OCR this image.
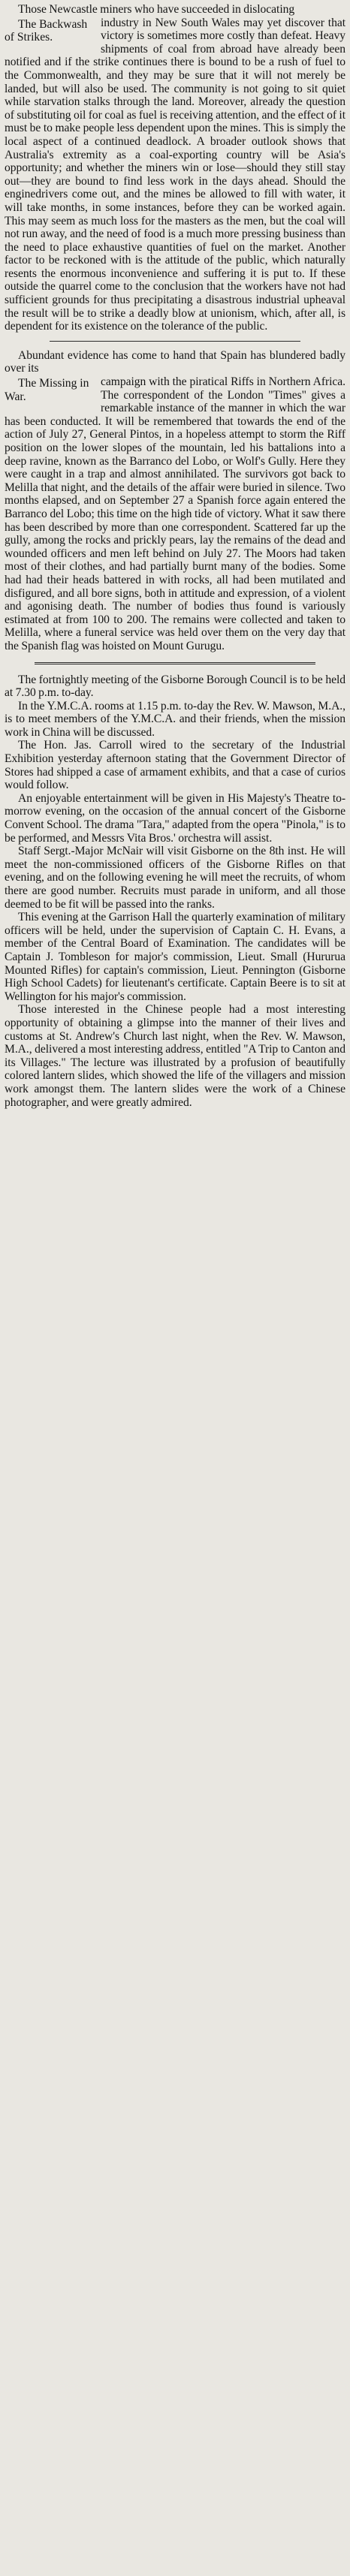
Those Newcastle miners who have succeeded in dislocating

The Backwash of Strikes.

industry in New South Wales may yet discover that victory is sometimes more costly than defeat. Heavy shipments of coal from abroad have already been notified and if the strike continues there is bound to be a rush of fuel to the Commonwealth, and they may be sure that it will not merely be landed, but will also be used. The community is not going to sit quiet while starvation stalks through the land. Moreover, already the question of substituting oil for coal as fuel is receiving attention, and the effect of it must be to make people less dependent upon the mines. This is simply the local aspect of a continued deadlock. A broader outlook shows that Australia's extremity as a coal-exporting country will be Asia's opportunity; and whether the miners win or lose—should they still stay out—they are bound to find less work in the days ahead. Should the enginedrivers come out, and the mines be allowed to fill with water, it will take months, in some instances, before they can be worked again. This may seem as much loss for the masters as the men, but the coal will not run away, and the need of food is a much more pressing business than the need to place exhaustive quantities of fuel on the market. Another factor to be reckoned with is the attitude of the public, which naturally resents the enormous inconvenience and suffering it is put to. If these outside the quarrel come to the conclusion that the workers have not had sufficient grounds for thus precipitating a disastrous industrial upheaval the result will be to strike a deadly blow at unionism, which, after all, is dependent for its existence on the tolerance of the public.

Abundant evidence has come to hand that Spain has blundered badly over its

The Missing in War.

campaign with the piratical Riffs in Northern Africa. The correspondent of the London "Times" gives a remarkable instance of the manner in which the war has been conducted. It will be remembered that towards the end of the action of July 27, General Pintos, in a hopeless attempt to storm the Riff position on the lower slopes of the mountain, led his battalions into a deep ravine, known as the Barranco del Lobo, or Wolf's Gully. Here they were caught in a trap and almost annihilated. The survivors got back to Melilla that night, and the details of the affair were buried in silence. Two months elapsed, and on September 27 a Spanish force again entered the Barranco del Lobo; this time on the high tide of victory. What it saw there has been described by more than one correspondent. Scattered far up the gully, among the rocks and prickly pears, lay the remains of the dead and wounded officers and men left behind on July 27. The Moors had taken most of their clothes, and had partially burnt many of the bodies. Some had had their heads battered in with rocks, all had been mutilated and disfigured, and all bore signs, both in attitude and expression, of a violent and agonising death. The number of bodies thus found is variously estimated at from 100 to 200. The remains were collected and taken to Melilla, where a funeral service was held over them on the very day that the Spanish flag was hoisted on Mount Gurugu.

The fortnightly meeting of the Gisborne Borough Council is to be held at 7.30 p.m. to-day.

In the Y.M.C.A. rooms at 1.15 p.m. to-day the Rev. W. Mawson, M.A., is to meet members of the Y.M.C.A. and their friends, when the mission work in China will be discussed.

The Hon. Jas. Carroll wired to the secretary of the Industrial Exhibition yesterday afternoon stating that the Government Director of Stores had shipped a case of armament exhibits, and that a case of curios would follow.

An enjoyable entertainment will be given in His Majesty's Theatre to-morrow evening, on the occasion of the annual concert of the Gisborne Convent School. The drama "Tara," adapted from the opera "Pinola," is to be performed, and Messrs Vita Bros.' orchestra will assist.

Staff Sergt.-Major McNair will visit Gisborne on the 8th inst. He will meet the non-commissioned officers of the Gisborne Rifles on that evening, and on the following evening he will meet the recruits, of whom there are good number. Recruits must parade in uniform, and all those deemed to be fit will be passed into the ranks.

This evening at the Garrison Hall the quarterly examination of military officers will be held, under the supervision of Captain C. H. Evans, a member of the Central Board of Examination. The candidates will be Captain J. Tombleson for major's commission, Lieut. Small (Hururua Mounted Rifles) for captain's commission, Lieut. Pennington (Gisborne High School Cadets) for lieutenant's certificate. Captain Beere is to sit at Wellington for his major's commission.

Those interested in the Chinese people had a most interesting opportunity of obtaining a glimpse into the manner of their lives and customs at St. Andrew's Church last night, when the Rev. W. Mawson, M.A., delivered a most interesting address, entitled "A Trip to Canton and its Villages." The lecture was illustrated by a profusion of beautifully colored lantern slides, which showed the life of the villagers and mission work amongst them. The lantern slides were the work of a Chinese photographer, and were greatly admired.
